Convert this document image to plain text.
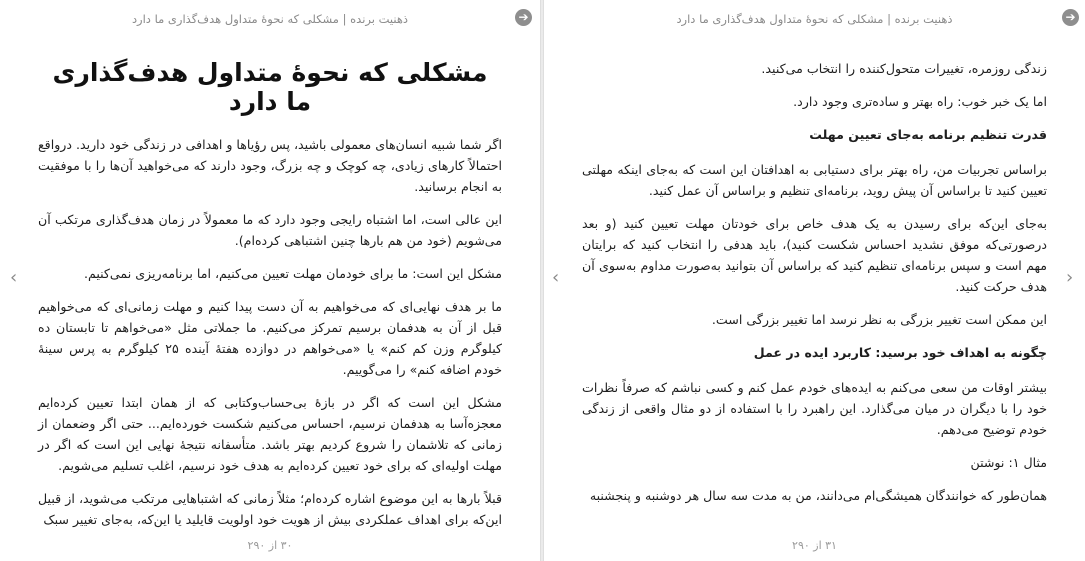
ذهنیت برنده | مشکلی که نحوهٔ متداول هدف‌گذاری ما دارد	➔
‹
مشکلی که نحوهٔ متداول هدف‌گذاری ما دارد

اگر شما شبیه انسان‌های معمولی باشید، پس رؤیاها و اهدافی در زندگی خود دارید. درواقع احتمالاً کارهای زیادی، چه کوچک و چه بزرگ، وجود دارند که می‌خواهید آن‌ها را با موفقیت به انجام برسانید.

این عالی است، اما اشتباه رایجی وجود دارد که ما معمولاً در زمان هدف‌گذاری مرتکب آن می‌شویم (خود من هم بارها چنین اشتباهی کرده‌ام).

مشکل این است: ما برای خودمان مهلت تعیین می‌کنیم، اما برنامه‌ریزی نمی‌کنیم.

ما بر هدف نهایی‌ای که می‌خواهیم به آن دست پیدا کنیم و مهلت زمانی‌ای که می‌خواهیم قبل از آن به هدفمان برسیم تمرکز می‌کنیم. ما جملاتی مثل «می‌خواهم تا تابستان ده کیلوگرم وزن کم کنم» یا «می‌خواهم در دوازده هفتهٔ آینده ۲۵ کیلوگرم به پرس سینهٔ خودم اضافه کنم» را می‌گوییم.

مشکل این است که اگر در بازهٔ بی‌حساب‌وکتابی که از همان ابتدا تعیین کرده‌ایم معجزه‌آسا به هدفمان نرسیم، احساس می‌کنیم شکست خورده‌ایم... حتی اگر وضعمان از زمانی که تلاشمان را شروع کردیم بهتر باشد. متأسفانه نتیجهٔ نهایی این است که اگر در مهلت اولیه‌ای که برای خود تعیین کرده‌ایم به هدف خود نرسیم، اغلب تسلیم می‌شویم.

قبلاً بارها به این موضوع اشاره کرده‌ام؛ مثلاً زمانی که اشتباهایی مرتکب می‌شوید، از قبیل این‌که برای اهداف عملکردی بیش از هویت خود اولویت قایلید یا این‌که، به‌جای تغییر سبک

۳۰ از ۲۹۰
ذهنیت برنده | مشکلی که نحوهٔ متداول هدف‌گذاری ما دارد	➔
‹	›

زندگی روزمره، تغییرات متحول‌کننده را انتخاب می‌کنید.

اما یک خبر خوب: راه بهتر و ساده‌تری وجود دارد.

قدرت تنظیم برنامه به‌جای تعیین مهلت

براساس تجربیات من، راه بهتر برای دستیابی به اهدافتان این است که به‌جای اینکه مهلتی تعیین کنید تا براساس آن پیش روید، برنامه‌ای تنظیم و براساس آن عمل کنید.

به‌جای این‌که برای رسیدن به یک هدف خاص برای خودتان مهلت تعیین کنید (و بعد درصورتی‌که موفق نشدید احساس شکست کنید)، باید هدفی را انتخاب کنید که برایتان مهم است و سپس برنامه‌ای تنظیم کنید که براساس آن بتوانید به‌صورت مداوم به‌سوی آن هدف حرکت کنید.

این ممکن است تغییر بزرگی به نظر نرسد اما تغییر بزرگی است.

چگونه به اهداف خود برسید: کاربرد ایده در عمل

بیشتر اوقات من سعی می‌کنم به ایده‌های خودم عمل کنم و کسی نباشم که صرفاً نظرات خود را با دیگران در میان می‌گذارد. این راهبرد را با استفاده از دو مثال واقعی از زندگی خودم توضیح می‌دهم.

مثال ۱: نوشتن

همان‌طور که خوانندگان همیشگی‌ام می‌دانند، من به مدت سه سال هر دوشنبه و پنجشنبه

۳۱ از ۲۹۰
